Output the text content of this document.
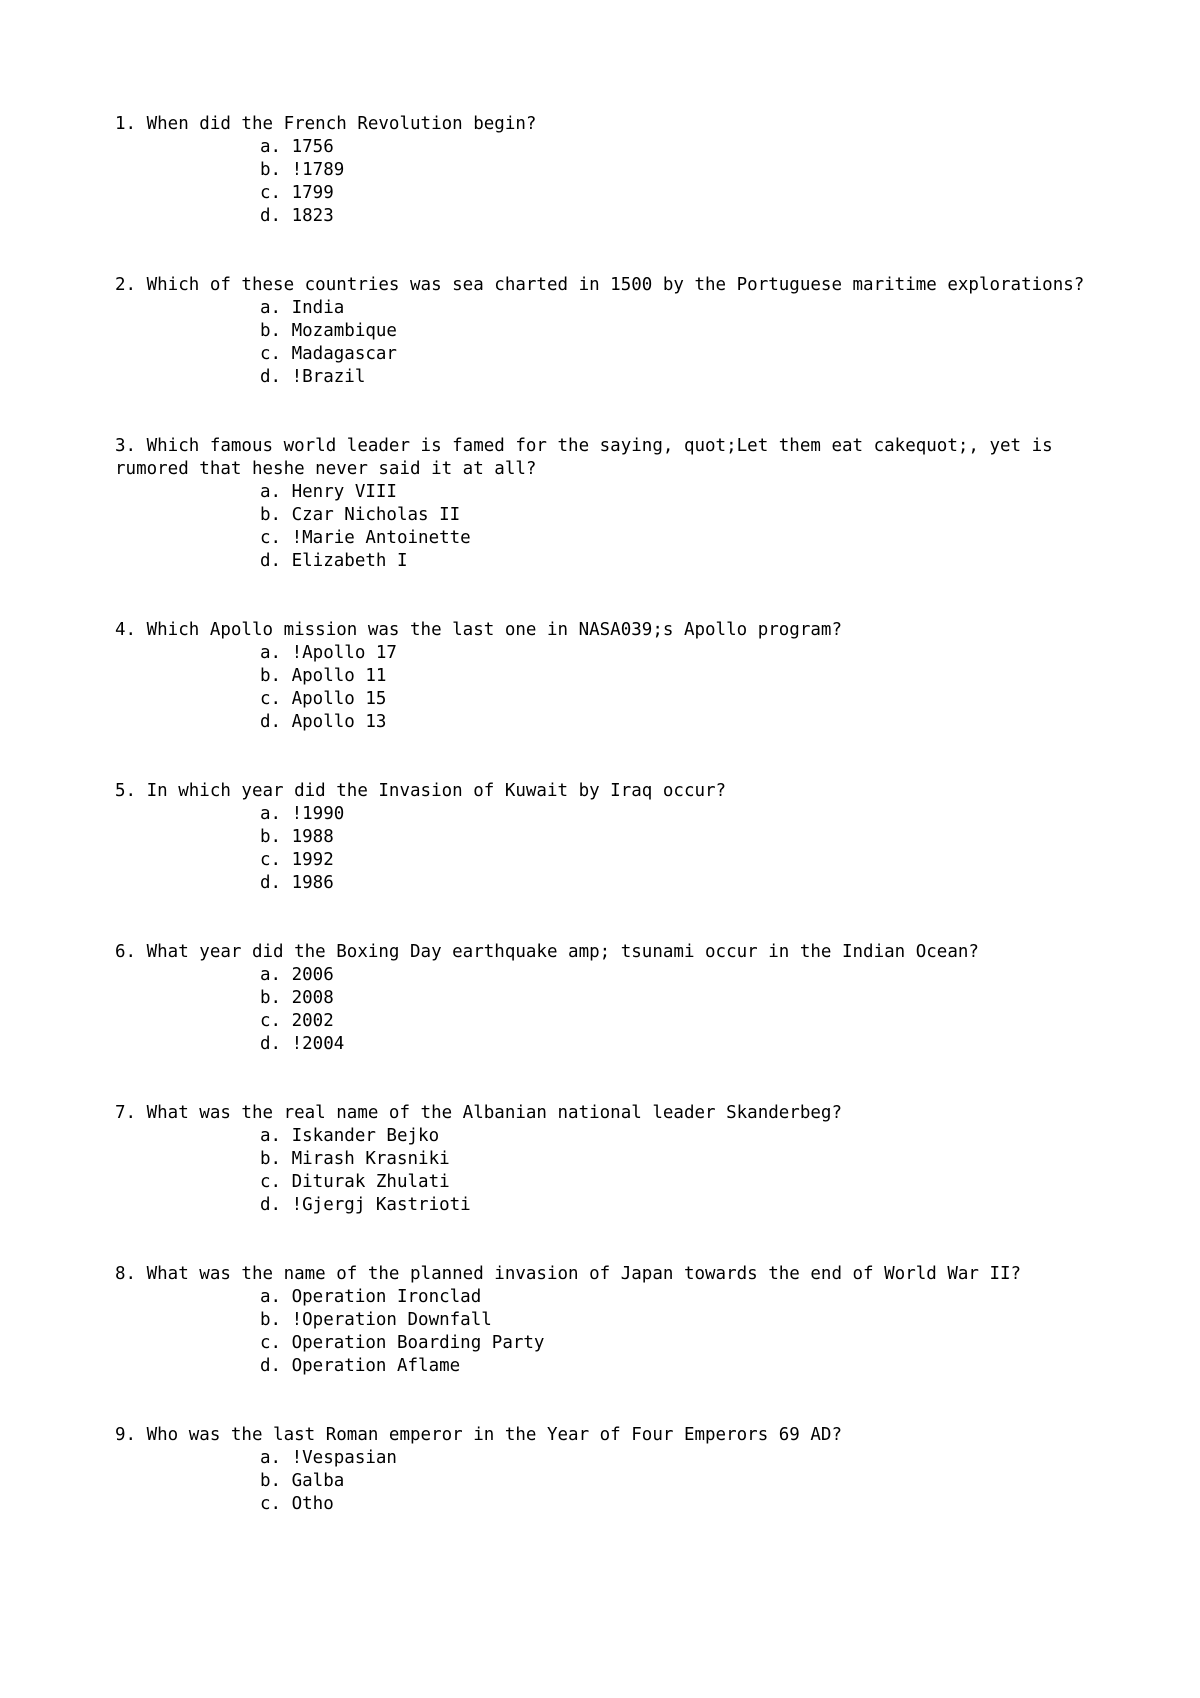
1. When did the French Revolution begin?
a. 1756
b. !1789
c. 1799
d. 1823
2. Which of these countries was sea charted in 1500 by the Portuguese maritime explorations?
a. India
b. Mozambique
c. Madagascar
d. !Brazil
3. Which famous world leader is famed for the saying, quot;Let them eat cakequot;, yet is rumored that heshe never said it at all?
a. Henry VIII
b. Czar Nicholas II
c. !Marie Antoinette
d. Elizabeth I
4. Which Apollo mission was the last one in NASA039;s Apollo program?
a. !Apollo 17
b. Apollo 11
c. Apollo 15
d. Apollo 13
5. In which year did the Invasion of Kuwait by Iraq occur?
a. !1990
b. 1988
c. 1992
d. 1986
6. What year did the Boxing Day earthquake amp; tsunami occur in the Indian Ocean?
a. 2006
b. 2008
c. 2002
d. !2004
7. What was the real name of the Albanian national leader Skanderbeg?
a. Iskander Bejko
b. Mirash Krasniki
c. Diturak Zhulati
d. !Gjergj Kastrioti
8. What was the name of the planned invasion of Japan towards the end of World War II?
a. Operation Ironclad
b. !Operation Downfall
c. Operation Boarding Party
d. Operation Aflame
9. Who was the last Roman emperor in the Year of Four Emperors 69 AD?
a. !Vespasian
b. Galba
c. Otho
